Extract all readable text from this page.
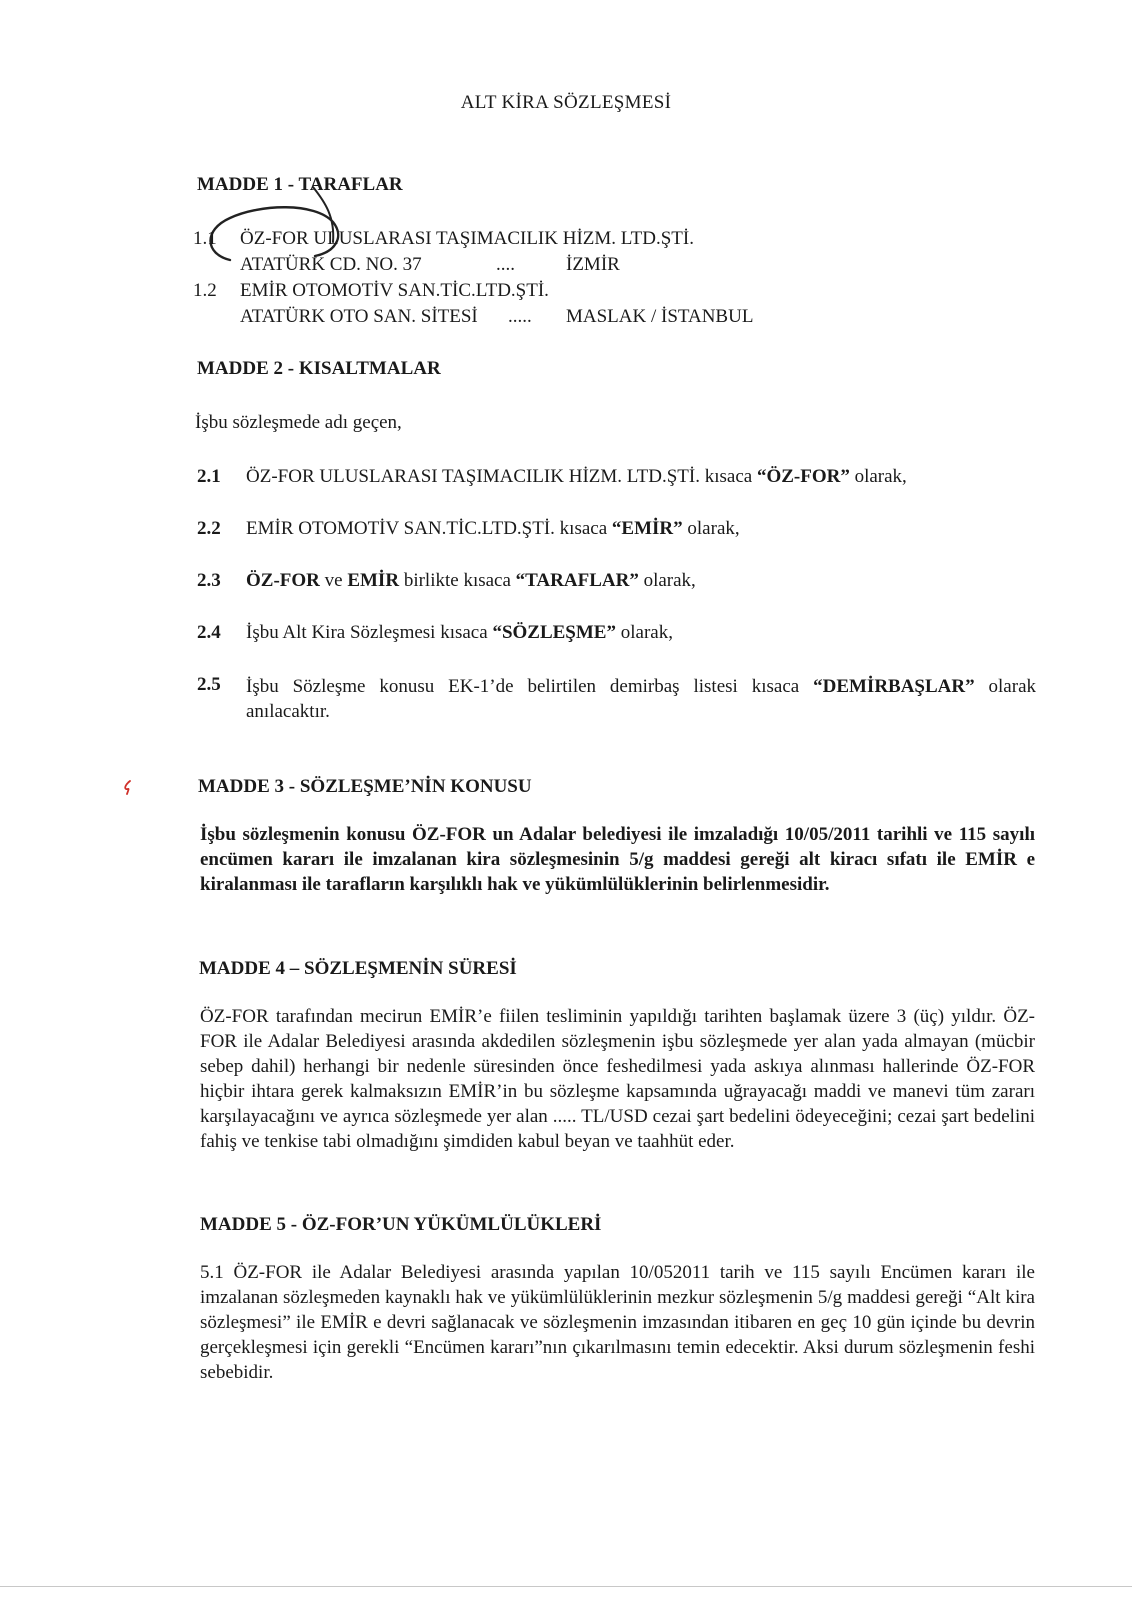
ALT KİRA SÖZLEŞMESİ
MADDE 1 - TARAFLAR
1.1 ÖZ-FOR ULUSLARASI TAŞIMACILIK HİZM. LTD.ŞTİ.
ATATÜRK CD. NO. 37	....	İZMİR
1.2 EMİR OTOMOTİV SAN.TİC.LTD.ŞTİ.
ATATÜRK OTO SAN. SİTESİ ..... MASLAK / İSTANBUL
MADDE 2 - KISALTMALAR
İşbu sözleşmede adı geçen,
2.1 ÖZ-FOR ULUSLARASI TAŞIMACILIK HİZM. LTD.ŞTİ. kısaca “ÖZ-FOR” olarak,
2.2 EMİR OTOMOTİV SAN.TİC.LTD.ŞTİ. kısaca “EMİR” olarak,
2.3 ÖZ-FOR ve EMİR birlikte kısaca “TARAFLAR” olarak,
2.4 İşbu Alt Kira Sözleşmesi kısaca “SÖZLEŞME” olarak,
2.5 İşbu Sözleşme konusu EK-1’de belirtilen demirbaş listesi kısaca “DEMİRBAŞLAR” olarak anılacaktır.
MADDE 3 - SÖZLEŞME’NİN KONUSU
İşbu sözleşmenin konusu ÖZ-FOR un Adalar belediyesi ile imzaladığı 10/05/2011 tarihli ve 115 sayılı encümen kararı ile imzalanan kira sözleşmesinin 5/g maddesi gereği alt kiracı sıfatı ile EMİR e kiralanması ile tarafların karşılıklı hak ve yükümlülüklerinin belirlenmesidir.
MADDE 4 – SÖZLEŞMENİN SÜRESİ
ÖZ-FOR tarafından mecirun EMİR’e fiilen tesliminin yapıldığı tarihten başlamak üzere 3 (üç) yıldır. ÖZ-FOR ile Adalar Belediyesi arasında akdedilen sözleşmenin işbu sözleşmede yer alan yada almayan (mücbir sebep dahil) herhangi bir nedenle süresinden önce feshedilmesi yada askıya alınması hallerinde ÖZ-FOR hiçbir ihtara gerek kalmaksızın EMİR’in bu sözleşme kapsamında uğrayacağı maddi ve manevi tüm zararı karşılayacağını ve ayrıca sözleşmede yer alan ..... TL/USD cezai şart bedelini ödeyeceğini; cezai şart bedelini fahiş ve tenkise tabi olmadığını şimdiden kabul beyan ve taahhüt eder.
MADDE 5 - ÖZ-FOR’UN YÜKÜMLÜLÜKLERİ
5.1 ÖZ-FOR ile Adalar Belediyesi arasında yapılan 10/052011 tarih ve 115 sayılı Encümen kararı ile imzalanan sözleşmeden kaynaklı hak ve yükümlülüklerinin mezkur sözleşmenin 5/g maddesi gereği “Alt kira sözleşmesi” ile EMİR e devri sağlanacak ve sözleşmenin imzasından itibaren en geç 10 gün içinde bu devrin gerçekleşmesi için gerekli “Encümen kararı”nın çıkarılmasını temin edecektir. Aksi durum sözleşmenin feshi sebebidir.
